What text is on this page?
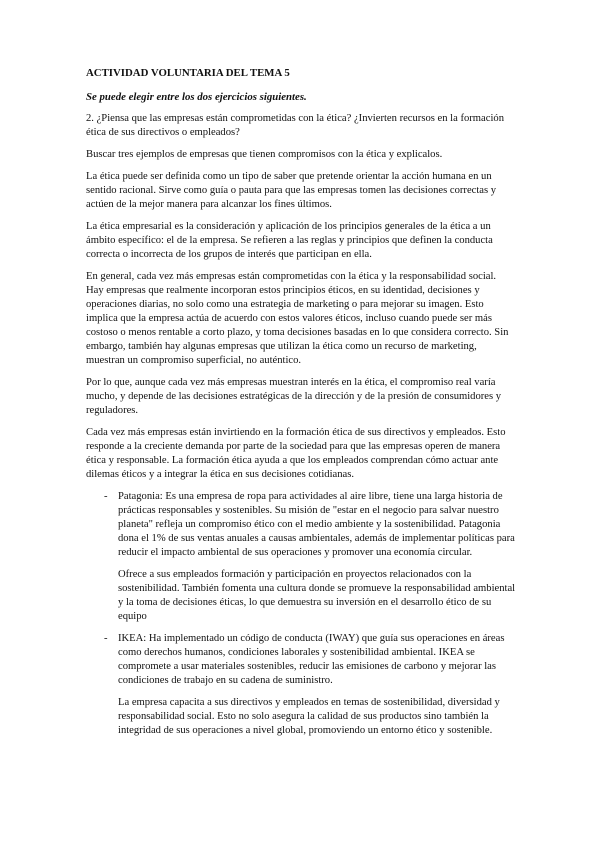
ACTIVIDAD VOLUNTARIA DEL TEMA 5

Se puede elegir entre los dos ejercicios siguientes.

2. ¿Piensa que las empresas están comprometidas con la ética? ¿Invierten recursos en la formación ética de sus directivos o empleados?

Buscar tres ejemplos de empresas que tienen compromisos con la ética y explicalos.

La ética puede ser definida como un tipo de saber que pretende orientar la acción humana en un sentido racional. Sirve como guía o pauta para que las empresas tomen las decisiones correctas y actúen de la mejor manera para alcanzar los fines últimos.

La ética empresarial es la consideración y aplicación de los principios generales de la ética a un ámbito específico: el de la empresa. Se refieren a las reglas y principios que definen la conducta correcta o incorrecta de los grupos de interés que participan en ella.

En general, cada vez más empresas están comprometidas con la ética y la responsabilidad social. Hay empresas que realmente incorporan estos principios éticos, en su identidad, decisiones y operaciones diarias, no solo como una estrategia de marketing o para mejorar su imagen. Esto implica que la empresa actúa de acuerdo con estos valores éticos, incluso cuando puede ser más costoso o menos rentable a corto plazo, y toma decisiones basadas en lo que considera correcto. Sin embargo, también hay algunas empresas que utilizan la ética como un recurso de marketing, muestran un compromiso superficial, no auténtico.

Por lo que, aunque cada vez más empresas muestran interés en la ética, el compromiso real varía mucho, y depende de las decisiones estratégicas de la dirección y de la presión de consumidores y reguladores.

Cada vez más empresas están invirtiendo en la formación ética de sus directivos y empleados. Esto responde a la creciente demanda por parte de la sociedad para que las empresas operen de manera ética y responsable. La formación ética ayuda a que los empleados comprendan cómo actuar ante dilemas éticos y a integrar la ética en sus decisiones cotidianas.

- Patagonia: Es una empresa de ropa para actividades al aire libre, tiene una larga historia de prácticas responsables y sostenibles. Su misión de "estar en el negocio para salvar nuestro planeta" refleja un compromiso ético con el medio ambiente y la sostenibilidad. Patagonia dona el 1% de sus ventas anuales a causas ambientales, además de implementar políticas para reducir el impacto ambiental de sus operaciones y promover una economía circular.

Ofrece a sus empleados formación y participación en proyectos relacionados con la sostenibilidad. También fomenta una cultura donde se promueve la responsabilidad ambiental y la toma de decisiones éticas, lo que demuestra su inversión en el desarrollo ético de su equipo

- IKEA: Ha implementado un código de conducta (IWAY) que guía sus operaciones en áreas como derechos humanos, condiciones laborales y sostenibilidad ambiental. IKEA se compromete a usar materiales sostenibles, reducir las emisiones de carbono y mejorar las condiciones de trabajo en su cadena de suministro.

La empresa capacita a sus directivos y empleados en temas de sostenibilidad, diversidad y responsabilidad social. Esto no solo asegura la calidad de sus productos sino también la integridad de sus operaciones a nivel global, promoviendo un entorno ético y sostenible.
